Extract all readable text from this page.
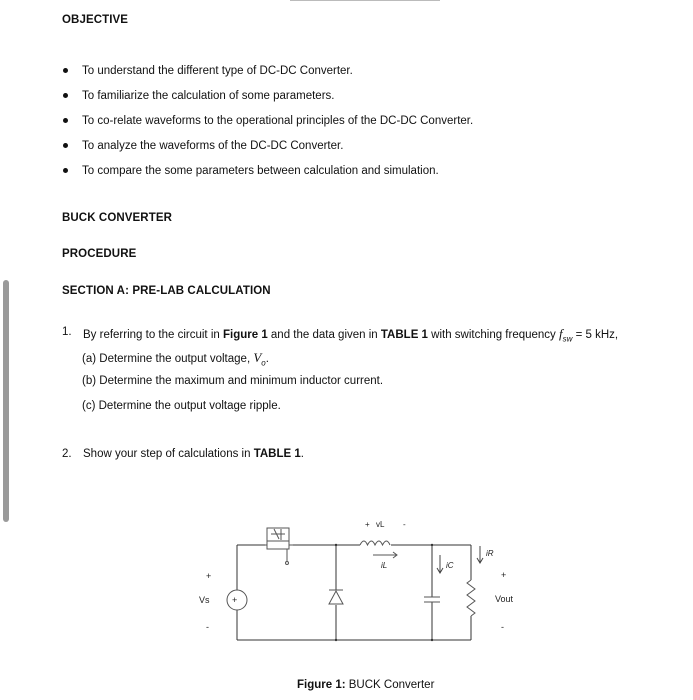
OBJECTIVE
To understand the different type of DC-DC Converter.
To familiarize the calculation of some parameters.
To co-relate waveforms to the operational principles of the DC-DC Converter.
To analyze the waveforms of the DC-DC Converter.
To compare the some parameters between calculation and simulation.
BUCK CONVERTER
PROCEDURE
SECTION A: PRE-LAB CALCULATION
1. By referring to the circuit in Figure 1 and the data given in TABLE 1 with switching frequency $f_{sw} = 5$ kHz,
(a) Determine the output voltage, $V_o$.
(b) Determine the maximum and minimum inductor current.
(c) Determine the output voltage ripple.
2. Show your step of calculations in TABLE 1.
+ vL -
iL
+
+
Vs
-
iC
iR
+
Vout
-
Figure 1: BUCK Converter
